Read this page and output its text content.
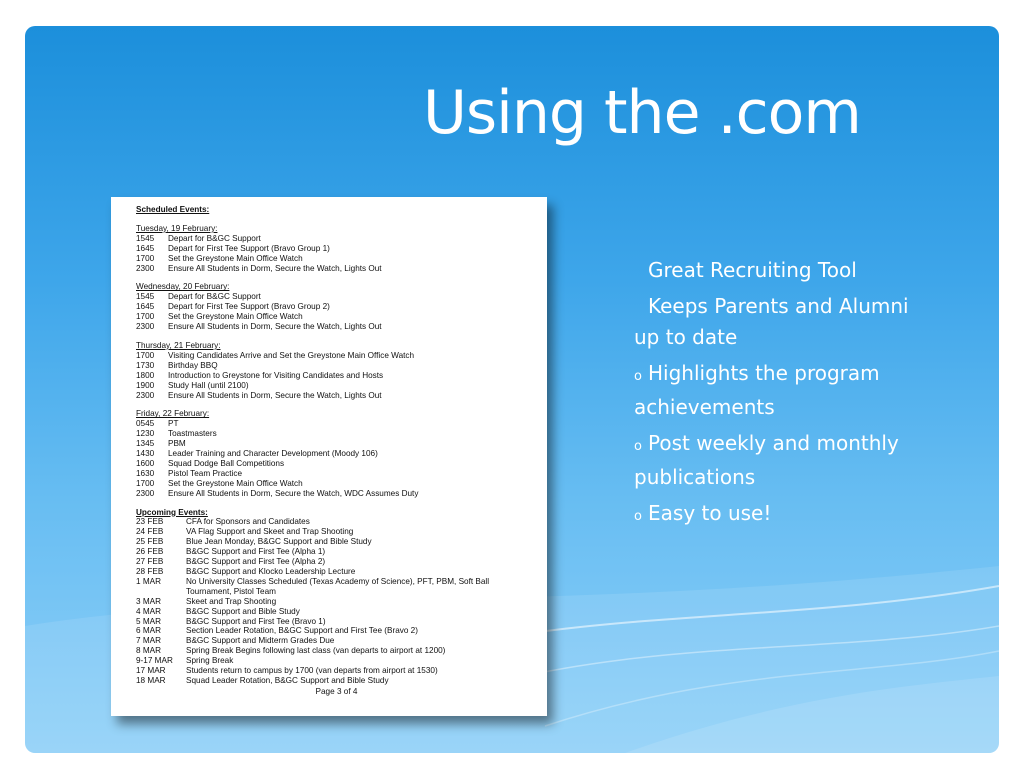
Using the .com
Scheduled Events:
Tuesday, 19 February:
1545	Depart for B&GC Support
1645	Depart for First Tee Support (Bravo Group 1)
1700	Set the Greystone Main Office Watch
2300	Ensure All Students in Dorm, Secure the Watch, Lights Out
Wednesday, 20 February:
1545	Depart for B&GC Support
1645	Depart for First Tee Support (Bravo Group 2)
1700	Set the Greystone Main Office Watch
2300	Ensure All Students in Dorm, Secure the Watch, Lights Out
Thursday, 21 February:
1700	Visiting Candidates Arrive and Set the Greystone Main Office Watch
1730	Birthday BBQ
1800	Introduction to Greystone for Visiting Candidates and Hosts
1900	Study Hall (until 2100)
2300	Ensure All Students in Dorm, Secure the Watch, Lights Out
Friday, 22 February:
0545	PT
1230	Toastmasters
1345	PBM
1430	Leader Training and Character Development (Moody 106)
1600	Squad Dodge Ball Competitions
1630	Pistol Team Practice
1700	Set the Greystone Main Office Watch
2300	Ensure All Students in Dorm, Secure the Watch, WDC Assumes Duty
Upcoming Events:
23 FEB	CFA for Sponsors and Candidates
24 FEB	VA Flag Support and Skeet and Trap Shooting
25 FEB	Blue Jean Monday, B&GC Support and Bible Study
26 FEB	B&GC Support and First Tee (Alpha 1)
27 FEB	B&GC Support and First Tee (Alpha 2)
28 FEB	B&GC Support and Klocko Leadership Lecture
1 MAR	No University Classes Scheduled (Texas Academy of Science), PFT, PBM, Soft Ball Tournament, Pistol Team
3 MAR	Skeet and Trap Shooting
4 MAR	B&GC Support and Bible Study
5 MAR	B&GC Support and First Tee (Bravo 1)
6 MAR	Section Leader Rotation, B&GC Support and First Tee (Bravo 2)
7 MAR	B&GC Support and Midterm Grades Due
8 MAR	Spring Break Begins following last class (van departs to airport at 1200)
9-17 MAR	Spring Break
17 MAR	Students return to campus by 1700 (van departs from airport at 1530)
18 MAR	Squad Leader Rotation, B&GC Support and Bible Study
Page 3 of 4
Great Recruiting Tool
Keeps Parents and Alumni up to date
o Highlights the program achievements
o Post weekly and monthly publications
o Easy to use!
